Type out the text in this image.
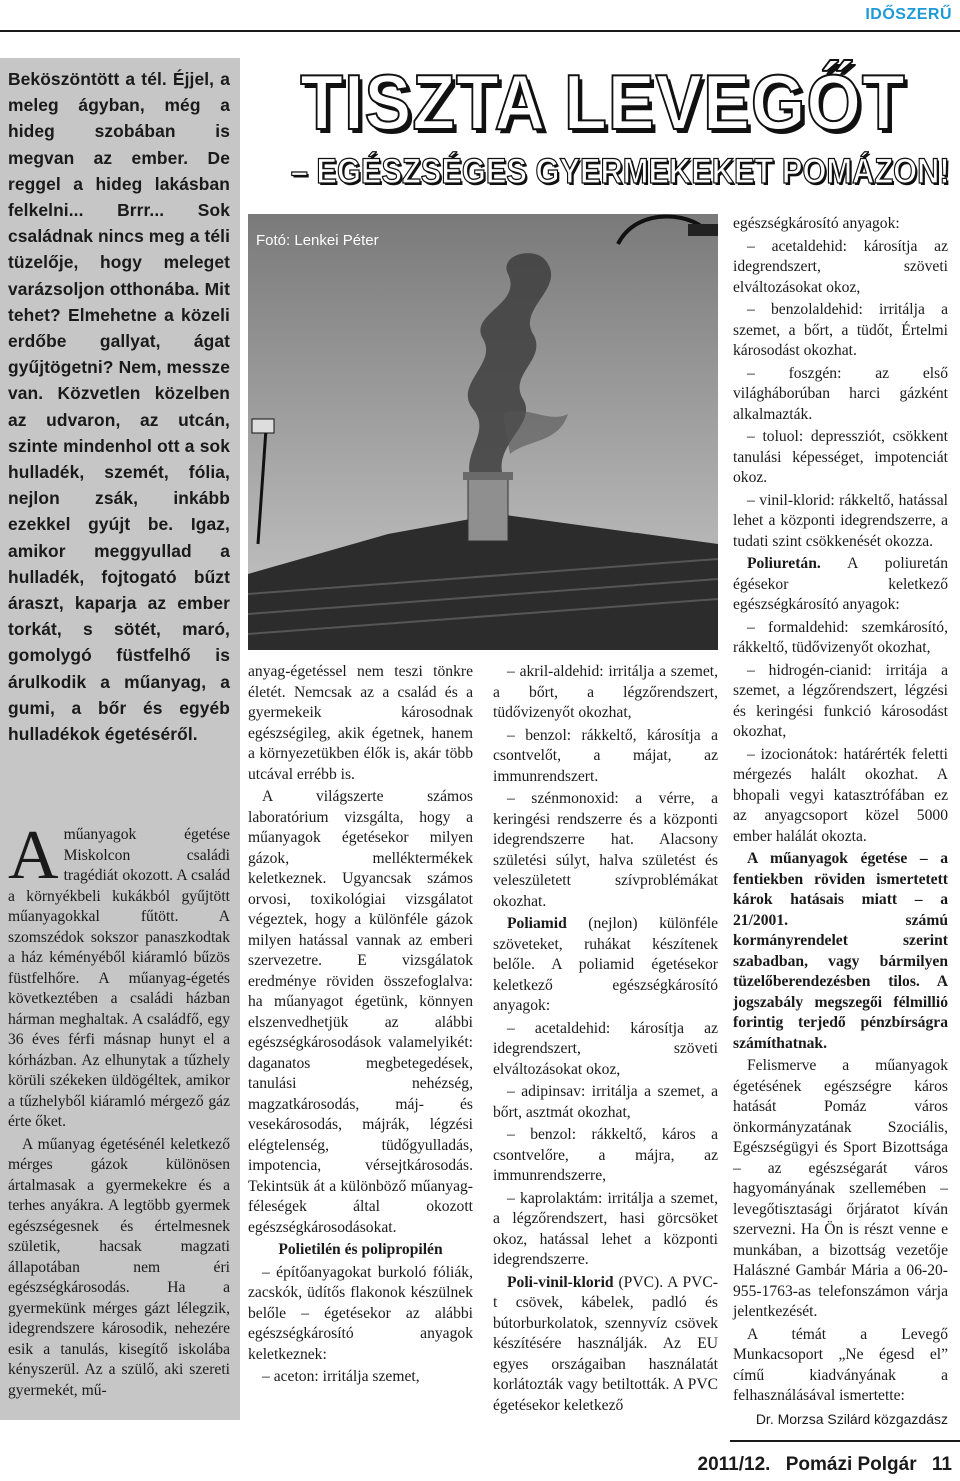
IDŐSZERŰ

Beköszöntött a tél. Éjjel, a meleg ágyban, még a hideg szobában is megvan az ember. De reggel a hideg lakásban felkelni... Brrr... Sok családnak nincs meg a téli tüzelője, hogy meleget varázsoljon otthonába. Mit tehet? Elmehetne a közeli erdőbe gallyat, ágat gyűjtögetni? Nem, messze van. Közvetlen közelben az udvaron, az utcán, szinte mindenhol ott a sok hulladék, szemét, fólia, nejlon zsák, inkább ezekkel gyújt be. Igaz, amikor meggyullad a hulladék, fojtogató bűzt áraszt, kaparja az ember torkát, s sötét, maró, gomolygó füstfelhő is árulkodik a műanyag, a gumi, a bőr és egyéb hulladékok égetéséről.

Aműanyagok égetése Miskolcon családi tragédiát okozott. A család a környékbeli kukákból gyűjtött műanyagokkal fűtött. A szomszédok sokszor panaszkodtak a ház kéményéből kiáramló bűzös füstfelhőre. A műanyag-égetés következtében a családi házban hárman meghaltak. A családfő, egy 36 éves férfi másnap hunyt el a kórházban. Az elhunytak a tűzhely körüli székeken üldögéltek, amikor a tűzhelyből kiáramló mérgező gáz érte őket.

A műanyag égetésénél keletkező mérges gázok különösen ártalmasak a gyermekekre és a terhes anyákra. A legtöbb gyermek egészségesnek és értelmesnek születik, hacsak magzati állapotában nem éri egészségkárosodás. Ha a gyermekünk mérges gázt lélegzik, idegrendszere károsodik, nehezére esik a tanulás, kisegítő iskolába kényszerül. Az a szülő, aki szereti gyermekét, mű-

TISZTA LEVEGŐT
– EGÉSZSÉGES GYERMEKEKET POMÁZON!
Fotó: Lenkei Péter

anyag-égetéssel nem teszi tönkre életét. Nemcsak az a család és a gyermekeik károsodnak egészségileg, akik égetnek, hanem a környezetükben élők is, akár több utcával errébb is.

A világszerte számos laboratórium vizsgálta, hogy a műanyagok égetésekor milyen gázok, melléktermékek keletkeznek. Ugyancsak számos orvosi, toxikológiai vizsgálatot végeztek, hogy a különféle gázok milyen hatással vannak az emberi szervezetre. E vizsgálatok eredménye röviden összefoglalva: ha műanyagot égetünk, könnyen elszenvedhetjük az alábbi egészségkárosodások valamelyikét: daganatos megbetegedések, tanulási nehézség, magzatkárosodás, máj- és vesekárosodás, májrák, légzési elégtelenség, tüdőgyulladás, impotencia, vérsejtkárosodás. Tekintsük át a különböző műanyag-féleségek által okozott egészségkárosodásokat.

Polietilén és polipropilén

– építőanyagokat burkoló fóliák, zacskók, üdítős flakonok készülnek belőle – égetésekor az alábbi egészségkárosító anyagok keletkeznek:

– aceton: irritálja szemet,

– akril-aldehid: irritálja a szemet, a bőrt, a légzőrendszert, tüdővizenyőt okozhat,

– benzol: rákkeltő, károsítja a csontvelőt, a májat, az immunrendszert.

– szénmonoxid: a vérre, a keringési rendszerre és a központi idegrendszerre hat. Alacsony születési súlyt, halva születést és veleszületett szívproblémákat okozhat.

Poliamid (nejlon) különféle szöveteket, ruhákat készítenek belőle. A poliamid égetésekor keletkező egészségkárosító anyagok:

– acetaldehid: károsítja az idegrendszert, szöveti elváltozásokat okoz,

– adipinsav: irritálja a szemet, a bőrt, asztmát okozhat,

– benzol: rákkeltő, káros a csontvelőre, a májra, az immunrendszerre,

– kaprolaktám: irritálja a szemet, a légzőrendszert, hasi görcsöket okoz, hatással lehet a központi idegrendszerre.

Poli-vinil-klorid (PVC). A PVC-t csövek, kábelek, padló és bútorburkolatok, szennyvíz csövek készítésére használják. Az EU egyes országaiban használatát korlátozták vagy betiltották. A PVC égetésekor keletkező

egészségkárosító anyagok:

– acetaldehid: károsítja az idegrendszert, szöveti elváltozásokat okoz,

– benzolaldehid: irritálja a szemet, a bőrt, a tüdőt, Értelmi károsodást okozhat.

– foszgén: az első világháborúban harci gázként alkalmazták.

– toluol: depressziót, csökkent tanulási képességet, impotenciát okoz.

– vinil-klorid: rákkeltő, hatással lehet a központi idegrendszerre, a tudati szint csökkenését okozza.

Poliuretán. A poliuretán égésekor keletkező egészségkárosító anyagok:

– formaldehid: szemkárosító, rákkeltő, tüdővizenyőt okozhat,

– hidrogén-cianid: irritája a szemet, a légzőrendszert, légzési és keringési funkció károsodást okozhat,

– izocionátok: határérték feletti mérgezés halált okozhat. A bhopali vegyi katasztrófában ez az anyagcsoport közel 5000 ember halálát okozta.

A műanyagok égetése – a fentiekben röviden ismertetett károk hatásais miatt – a 21/2001. számú kormányrendelet szerint szabadban, vagy bármilyen tüzelőberendezésben tilos. A jogszabály megszegői félmillió forintig terjedő pénzbírságra számíthatnak.

Felismerve a műanyagok égetésének egészségre káros hatását Pomáz város önkormányzatának Szociális, Egészségügyi és Sport Bizottsága – az egészségarát város hagyományának szellemében – levegőtisztasági őrjáratot kíván szervezni. Ha Ön is részt venne e munkában, a bizottság vezetője Halászné Gambár Mária a 06-20-955-1763-as telefonszámon várja jelentkezését.

A témát a Levegő Munkacsoport „Ne égesd el” című kiadványának a felhasználásával ismertette:

Dr. Morzsa Szilárd közgazdász

2011/12. Pomázi Polgár 11
